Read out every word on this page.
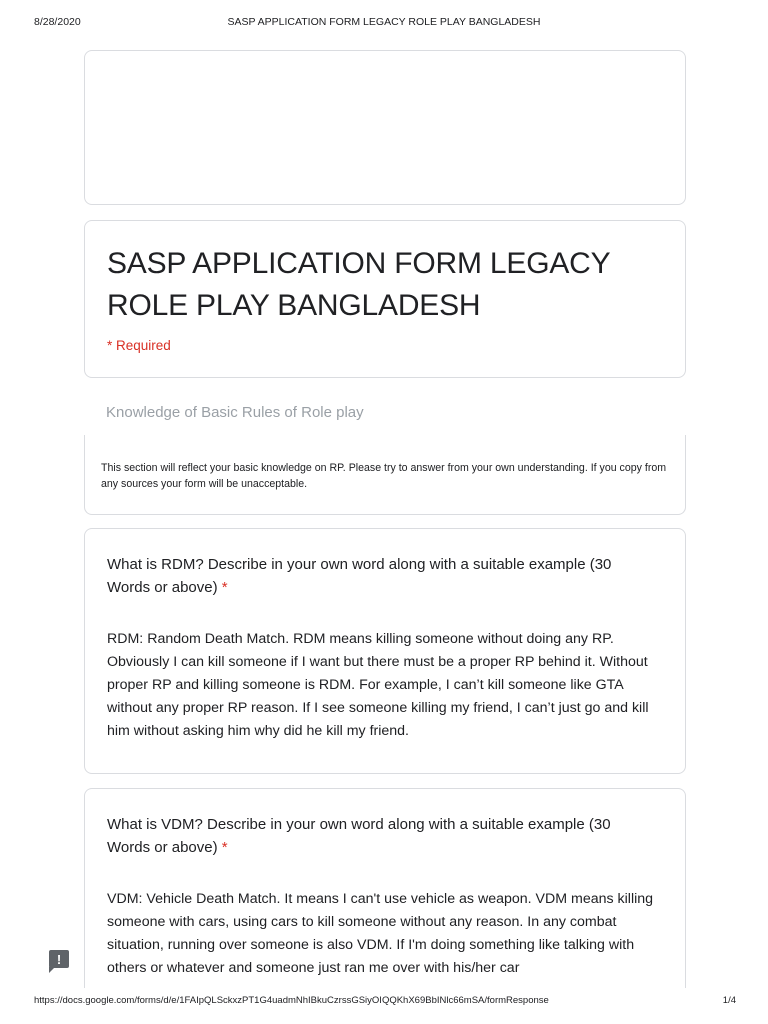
8/28/2020	SASP APPLICATION FORM LEGACY ROLE PLAY BANGLADESH
SASP APPLICATION FORM LEGACY ROLE PLAY BANGLADESH
* Required
Knowledge of Basic Rules of Role play
This section will reflect your basic knowledge on RP. Please try to answer from your own understanding. If you copy from any sources your form will be unacceptable.
What is RDM? Describe in your own word along with a suitable example (30 Words or above) *
RDM: Random Death Match. RDM means killing someone without doing any RP. Obviously I can kill someone if I want but there must be a proper RP behind it. Without proper RP and killing someone is RDM. For example, I can’t kill someone like GTA without any proper RP reason. If I see someone killing my friend, I can’t just go and kill him without asking him why did he kill my friend.
What is VDM? Describe in your own word along with a suitable example (30 Words or above) *
VDM: Vehicle Death Match. It means I can't use vehicle as weapon. VDM means killing someone with cars, using cars to kill someone without any reason. In any combat situation, running over someone is also VDM. If I'm doing something like talking with others or whatever and someone just ran me over with his/her car
!
https://docs.google.com/forms/d/e/1FAIpQLSckxzPT1G4uadmNhIBkuCzrssGSiyOIQQKhX69BbINlc66mSA/formResponse	1/4
